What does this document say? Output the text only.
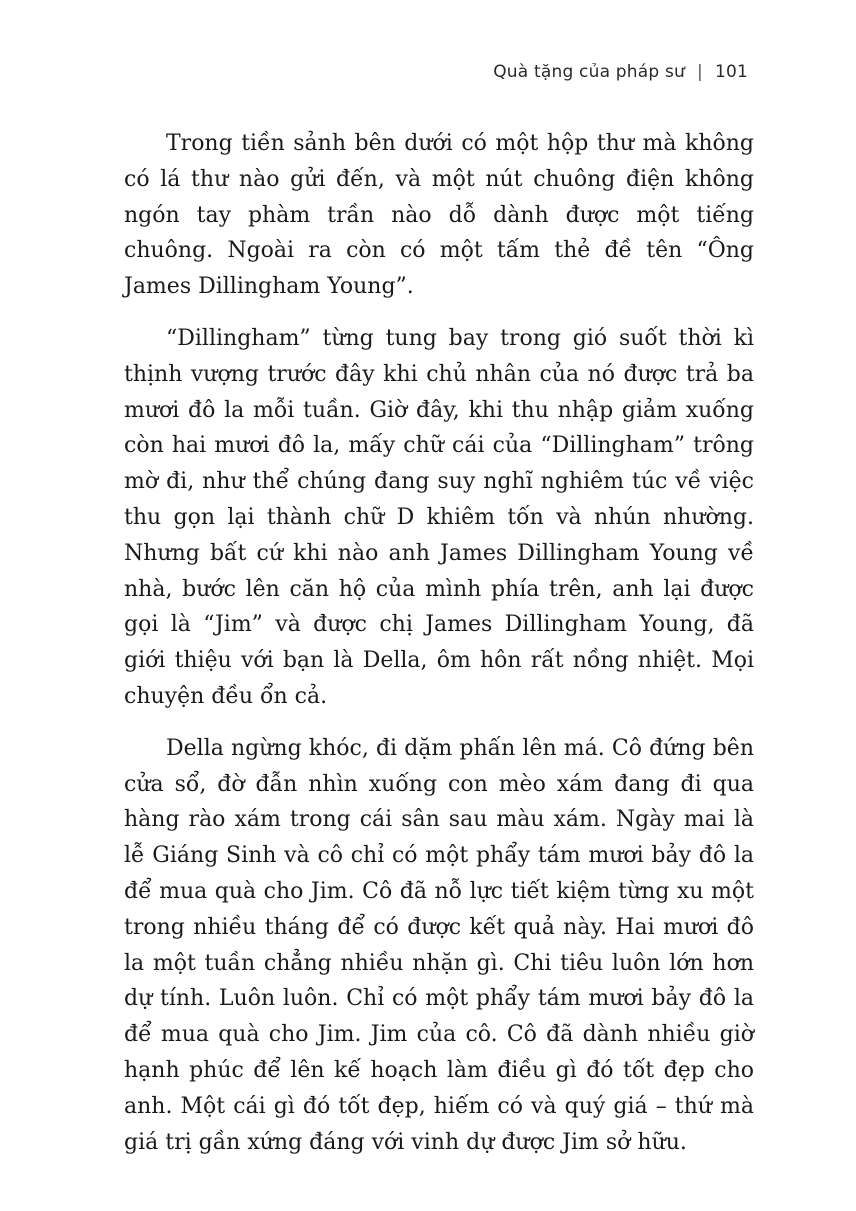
Quà tặng của pháp sư | 101

Trong tiền sảnh bên dưới có một hộp thư mà không có lá thư nào gửi đến, và một nút chuông điện không ngón tay phàm trần nào dỗ dành được một tiếng chuông. Ngoài ra còn có một tấm thẻ đề tên “Ông James Dillingham Young”.

“Dillingham” từng tung bay trong gió suốt thời kì thịnh vượng trước đây khi chủ nhân của nó được trả ba mươi đô la mỗi tuần. Giờ đây, khi thu nhập giảm xuống còn hai mươi đô la, mấy chữ cái của “Dillingham” trông mờ đi, như thể chúng đang suy nghĩ nghiêm túc về việc thu gọn lại thành chữ D khiêm tốn và nhún nhường. Nhưng bất cứ khi nào anh James Dillingham Young về nhà, bước lên căn hộ của mình phía trên, anh lại được gọi là “Jim” và được chị James Dillingham Young, đã giới thiệu với bạn là Della, ôm hôn rất nồng nhiệt. Mọi chuyện đều ổn cả.

Della ngừng khóc, đi dặm phấn lên má. Cô đứng bên cửa sổ, đờ đẫn nhìn xuống con mèo xám đang đi qua hàng rào xám trong cái sân sau màu xám. Ngày mai là lễ Giáng Sinh và cô chỉ có một phẩy tám mươi bảy đô la để mua quà cho Jim. Cô đã nỗ lực tiết kiệm từng xu một trong nhiều tháng để có được kết quả này. Hai mươi đô la một tuần chẳng nhiều nhặn gì. Chi tiêu luôn lớn hơn dự tính. Luôn luôn. Chỉ có một phẩy tám mươi bảy đô la để mua quà cho Jim. Jim của cô. Cô đã dành nhiều giờ hạnh phúc để lên kế hoạch làm điều gì đó tốt đẹp cho anh. Một cái gì đó tốt đẹp, hiếm có và quý giá – thứ mà giá trị gần xứng đáng với vinh dự được Jim sở hữu.
